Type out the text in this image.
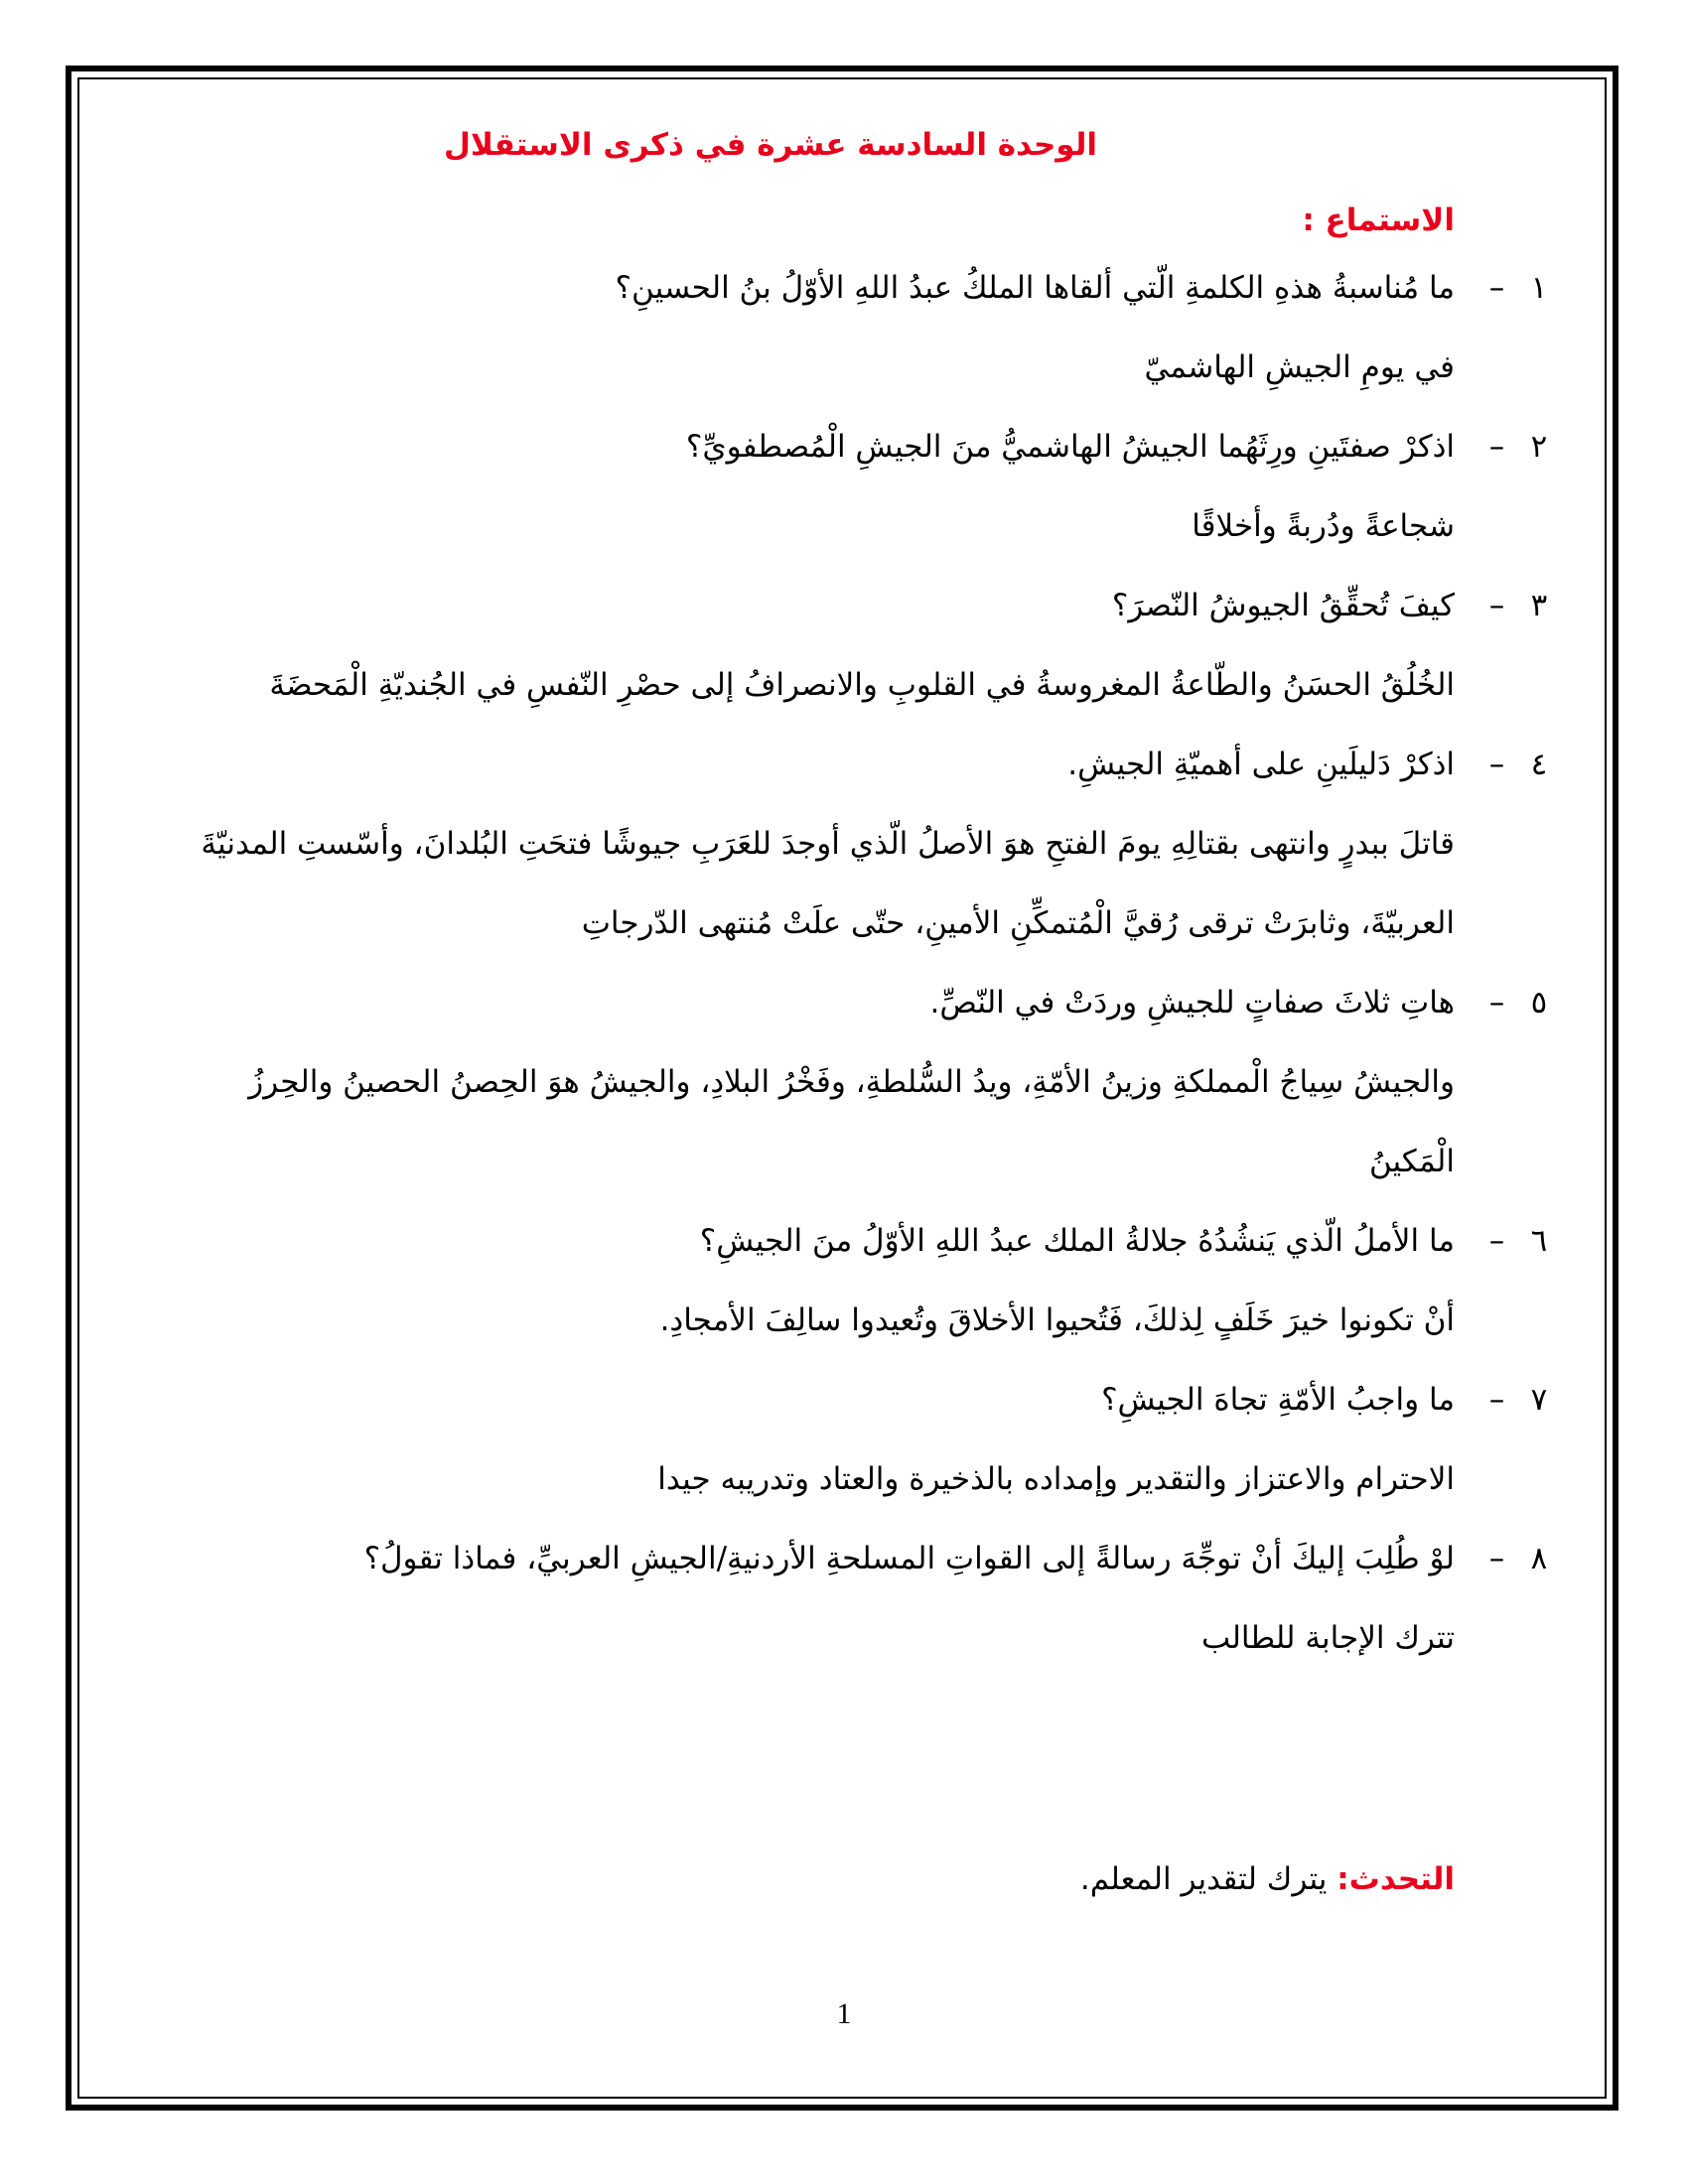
الوحدة السادسة عشرة في ذكرى الاستقلال
الاستماع :

١
–
ما مُناسبةُ هذهِ الكلمةِ الّتي ألقاها الملكُ عبدُ اللهِ الأوّلُ بنُ الحسينِ؟

في يومِ الجيشِ الهاشميّ

٢
–
اذكرْ صفتَينِ ورِثَهُما الجيشُ الهاشميُّ منَ الجيشِ الْمُصطفويِّ؟

شجاعةً ودُربةً وأخلاقًا

٣
–
كيفَ تُحقِّقُ الجيوشُ النّصرَ؟

الخُلُقُ الحسَنُ والطّاعةُ المغروسةُ في القلوبِ والانصرافُ إلى حصْرِ النّفسِ في الجُنديّةِ الْمَحضَةَ

٤
–
اذكرْ دَليلَينِ على أهميّةِ الجيشِ.

قاتلَ ببدرٍ وانتهى بقتالِهِ يومَ الفتحِ هوَ الأصلُ الّذي أوجدَ للعَرَبِ جيوشًا فتحَتِ البُلدانَ، وأسّستِ المدنيّةَ العربيّةَ، وثابرَتْ ترقى رُقيَّ الْمُتمكِّنِ الأمينِ، حتّى علَتْ مُنتهى الدّرجاتِ

٥
–
هاتِ ثلاثَ صفاتٍ للجيشِ وردَتْ في النّصِّ.

والجيشُ سِياجُ الْمملكةِ وزينُ الأمّةِ، ويدُ السُّلطةِ، وفَخْرُ البلادِ، والجيشُ هوَ الحِصنُ الحصينُ والحِرزُ الْمَكينُ

٦
–
ما الأملُ الّذي يَنشُدُهُ جلالةُ الملك عبدُ اللهِ الأوّلُ منَ الجيشِ؟

أنْ تكونوا خيرَ خَلَفٍ لِذلكَ، فَتُحيوا الأخلاقَ وتُعيدوا سالِفَ الأمجادِ.

٧
–
ما واجبُ الأمّةِ تجاهَ الجيشِ؟

الاحترام والاعتزاز والتقدير وإمداده بالذخيرة والعتاد وتدريبه جيدا

٨
–
لوْ طُلِبَ إليكَ أنْ توجِّهَ رسالةً إلى القواتِ المسلحةِ الأردنيةِ/الجيشِ العربيِّ، فماذا تقولُ؟

تترك الإجابة للطالب

التحدث: يترك لتقدير المعلم.

1
